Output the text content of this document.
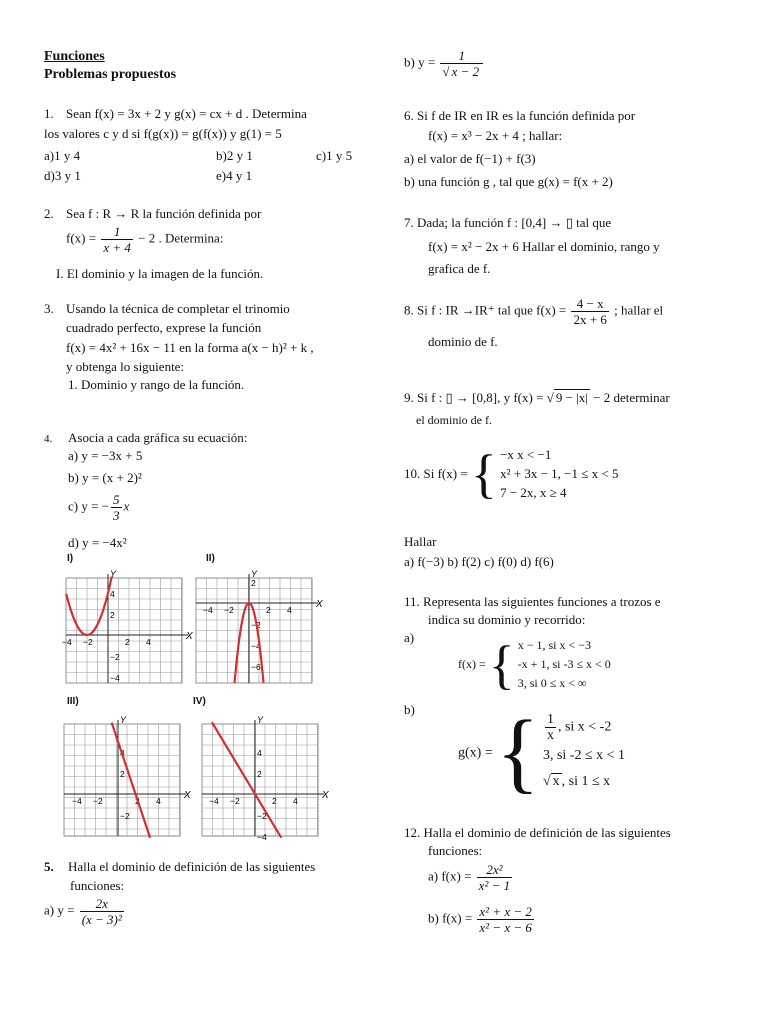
Funciones
Problemas propuestos
1. Sean f(x) = 3x + 2 y g(x) = cx + d . Determina
los valores c y d si f(g(x)) = g(f(x)) y g(1) = 5
a)1 y 4	b)2 y 1	c)1 y 5
d)3 y 1	e)4 y 1
2. Sea f : R → R la función definida por
$f(x) = \frac{1}{x + 4} - 2$ . Determina:
I. El dominio y la imagen de la función.
3. Usando la técnica de completar el trinomio
cuadrado perfecto, exprese la función
f(x) = 4x² + 16x − 11 en la forma a(x − h)² + k ,
y obtenga lo siguiente:
1. Dominio y rango de la función.
4. Asocia a cada gráfica su ecuación:
a) y = −3x + 5
b) y = (x + 2)²
c) y = − $\frac{5}{3}$ x
d) y = −4x²
5. Halla el dominio de definición de las siguientes
funciones:
a) $y = \frac{2x}{\text{(x − 3)²}}$
I)	II)
III)	IV)
X
Y
4
2
−4 −2	2 4
−2
−4
X
Y
2
−4 −2	2 4
−2
−4
−6
X
Y
4
2
−4 −2	2 4
−2
X
Y
4
2
−4 −2	2 4
−2
−4
b) $y = \frac{1}{√ x - 2}$
6. Si f de IR en IR es la función definida por
f(x) = x³ − 2x + 4 ; hallar:
a) el valor de f(−1) + f(3)
b) una función g , tal que g(x) = f(x + 2)
7. Dada; la función f : [0,4] → ▯ tal que
f(x) = x² − 2x + 6 Hallar el dominio, rango y
grafica de f.
8. Si f : IR →IR⁺ tal que $f(x) = \frac{4 - x}{2x + 6}$ ; hallar el
dominio de f.
9. Si f : ▯ → [0,8], y f(x) = √ 9 − |x| − 2 determinar
el dominio de f.
10. Si f(x) = { −x x < −1
x² + 3x − 1, −1 ≤ x < 5
7 − 2x, x ≥ 4
Hallar
a) f(−3) b) f(2) c) f(0) d) f(6)
11. Representa las siguientes funciones a trozos e
indica su dominio y recorrido:
a)
f(x) = { x − 1, si x < −3
-x + 1, si -3 ≤ x < 0
3, si 0 ≤ x < ∞
b)
g(x) = { $\frac{1}{x}$ , si x < -2
3, si -2 ≤ x < 1
√ x , si 1 ≤ x
12. Halla el dominio de definición de las siguientes
funciones:
a) $f(x) = \frac{\text{2x²}}{\text{x² − 1}}$
b) $f(x) = \frac{\text{x² + x − 2}}{\text{x² − x − 6}}$
